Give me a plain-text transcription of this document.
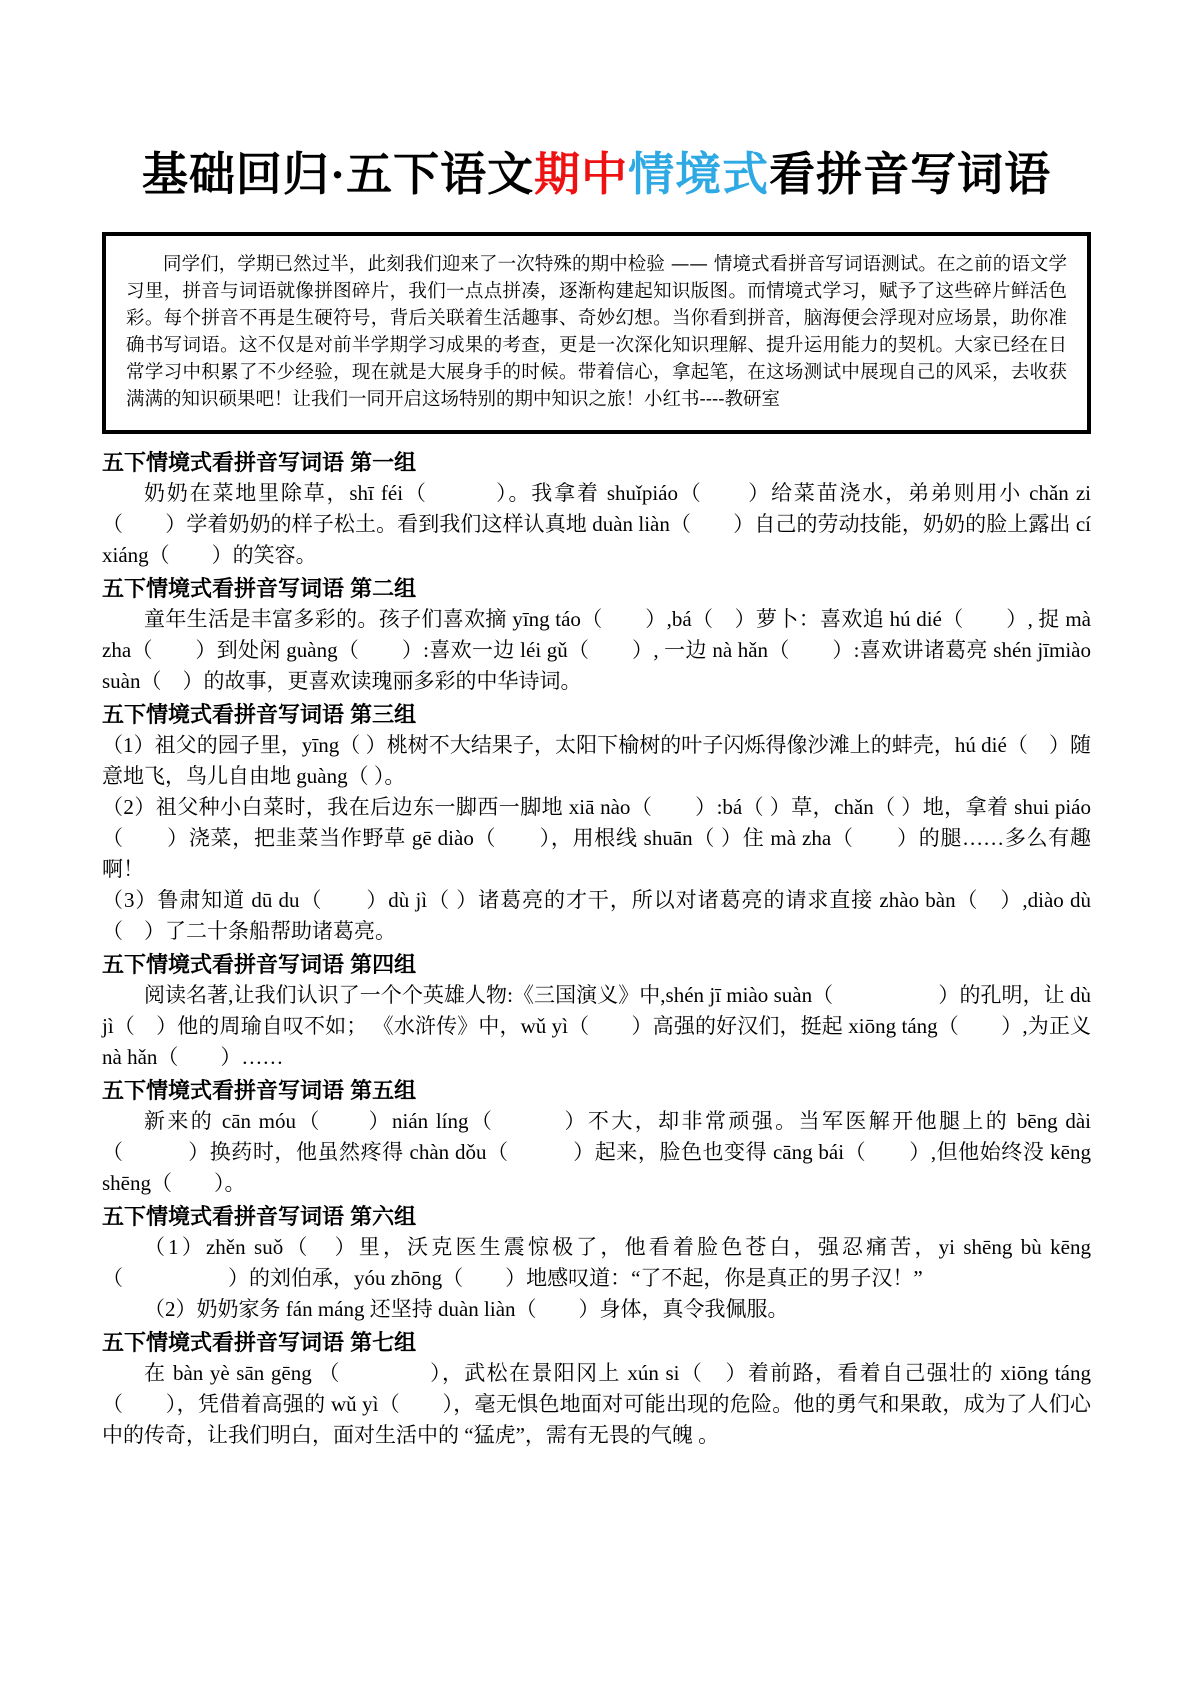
基础回归·五下语文期中情境式看拼音写词语

同学们，学期已然过半，此刻我们迎来了一次特殊的期中检验 —— 情境式看拼音写词语测试。在之前的语文学习里，拼音与词语就像拼图碎片，我们一点点拼凑，逐渐构建起知识版图。而情境式学习，赋予了这些碎片鲜活色彩。每个拼音不再是生硬符号，背后关联着生活趣事、奇妙幻想。当你看到拼音，脑海便会浮现对应场景，助你准确书写词语。这不仅是对前半学期学习成果的考查，更是一次深化知识理解、提升运用能力的契机。大家已经在日常学习中积累了不少经验，现在就是大展身手的时候。带着信心，拿起笔，在这场测试中展现自己的风采，去收获满满的知识硕果吧！让我们一同开启这场特别的期中知识之旅！小红书----教研室

五下情境式看拼音写词语 第一组

奶奶在菜地里除草，shī féi（　　　）。我拿着 shuǐpiáo（　　）给菜苗浇水，弟弟则用小 chǎn zi（　　）学着奶奶的样子松土。看到我们这样认真地 duàn liàn（　　）自己的劳动技能，奶奶的脸上露出 cí xiáng（　　）的笑容。

五下情境式看拼音写词语 第二组

童年生活是丰富多彩的。孩子们喜欢摘 yīng táo（　　）,bá（　）萝卜：喜欢追 hú dié（　　）, 捉 mà zha（　　）到处闲 guàng（　　）:喜欢一边 léi gǔ（　　）, 一边 nà hǎn（　　）:喜欢讲诸葛亮 shén jīmiào suàn（　）的故事，更喜欢读瑰丽多彩的中华诗词。

五下情境式看拼音写词语 第三组

（1）祖父的园子里，yīng（ ）桃树不大结果子，太阳下榆树的叶子闪烁得像沙滩上的蚌壳，hú dié（　）随意地飞，鸟儿自由地 guàng（ ）。

（2）祖父种小白菜时，我在后边东一脚西一脚地 xiā nào（　　）:bá（ ）草，chǎn（ ）地，拿着 shui piáo（　　）浇菜，把韭菜当作野草 gē diào（　　），用根线 shuān（ ）住 mà zha（　　）的腿……多么有趣啊！

（3）鲁肃知道 dū du（　　）dù jì（ ）诸葛亮的才干，所以对诸葛亮的请求直接 zhào bàn（　）,diào dù（　）了二十条船帮助诸葛亮。

五下情境式看拼音写词语 第四组

阅读名著,让我们认识了一个个英雄人物:《三国演义》中,shén jī miào suàn（　　　　　）的孔明，让 dù jì（　）他的周瑜自叹不如； 《水浒传》中，wǔ yì（　　）高强的好汉们，挺起 xiōng táng（　　）,为正义 nà hǎn（　　）……

五下情境式看拼音写词语 第五组

新来的 cān móu（　　）nián líng（　　　）不大，却非常顽强。当军医解开他腿上的 bēng dài（　　　）换药时，他虽然疼得 chàn dǒu（　　　）起来，脸色也变得 cāng bái（　　）,但他始终没 kēng shēng（　　）。

五下情境式看拼音写词语 第六组

（1）zhěn suǒ（　）里，沃克医生震惊极了，他看着脸色苍白，强忍痛苦，yi shēng bù kēng（　　　　　）的刘伯承，yóu zhōng（　　）地感叹道：“了不起，你是真正的男子汉！”

（2）奶奶家务 fán máng 还坚持 duàn liàn（　　）身体，真令我佩服。

五下情境式看拼音写词语 第七组

在 bàn yè sān gēng （　　　　），武松在景阳冈上 xún si（　）着前路，看着自己强壮的 xiōng táng（　　），凭借着高强的 wǔ yì（　　），毫无惧色地面对可能出现的危险。他的勇气和果敢，成为了人们心中的传奇，让我们明白，面对生活中的 “猛虎”，需有无畏的气魄 。
